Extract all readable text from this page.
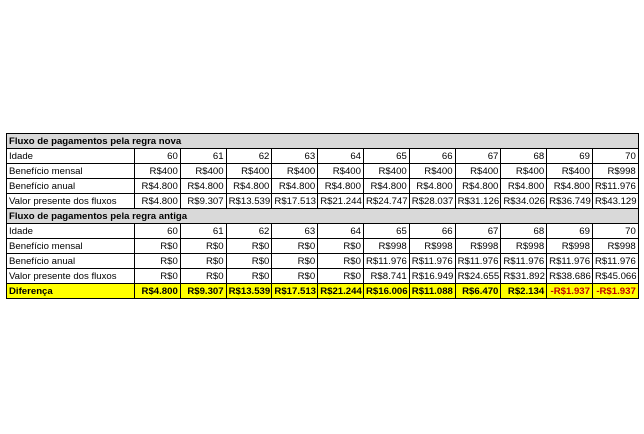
Fluxo de pagamentos pela regra nova											
Idade	60	61	62	63	64	65	66	67	68	69	70
Benefício mensal	R$400	R$400	R$400	R$400	R$400	R$400	R$400	R$400	R$400	R$400	R$998
Benefício anual	R$4.800	R$4.800	R$4.800	R$4.800	R$4.800	R$4.800	R$4.800	R$4.800	R$4.800	R$4.800	R$11.976
Valor presente dos fluxos	R$4.800	R$9.307	R$13.539	R$17.513	R$21.244	R$24.747	R$28.037	R$31.126	R$34.026	R$36.749	R$43.129
Fluxo de pagamentos pela regra antiga											
Idade	60	61	62	63	64	65	66	67	68	69	70
Benefício mensal	R$0	R$0	R$0	R$0	R$0	R$998	R$998	R$998	R$998	R$998	R$998
Benefício anual	R$0	R$0	R$0	R$0	R$0	R$11.976	R$11.976	R$11.976	R$11.976	R$11.976	R$11.976
Valor presente dos fluxos	R$0	R$0	R$0	R$0	R$0	R$8.741	R$16.949	R$24.655	R$31.892	R$38.686	R$45.066
Diferença	R$4.800	R$9.307	R$13.539	R$17.513	R$21.244	R$16.006	R$11.088	R$6.470	R$2.134	-R$1.937	-R$1.937
